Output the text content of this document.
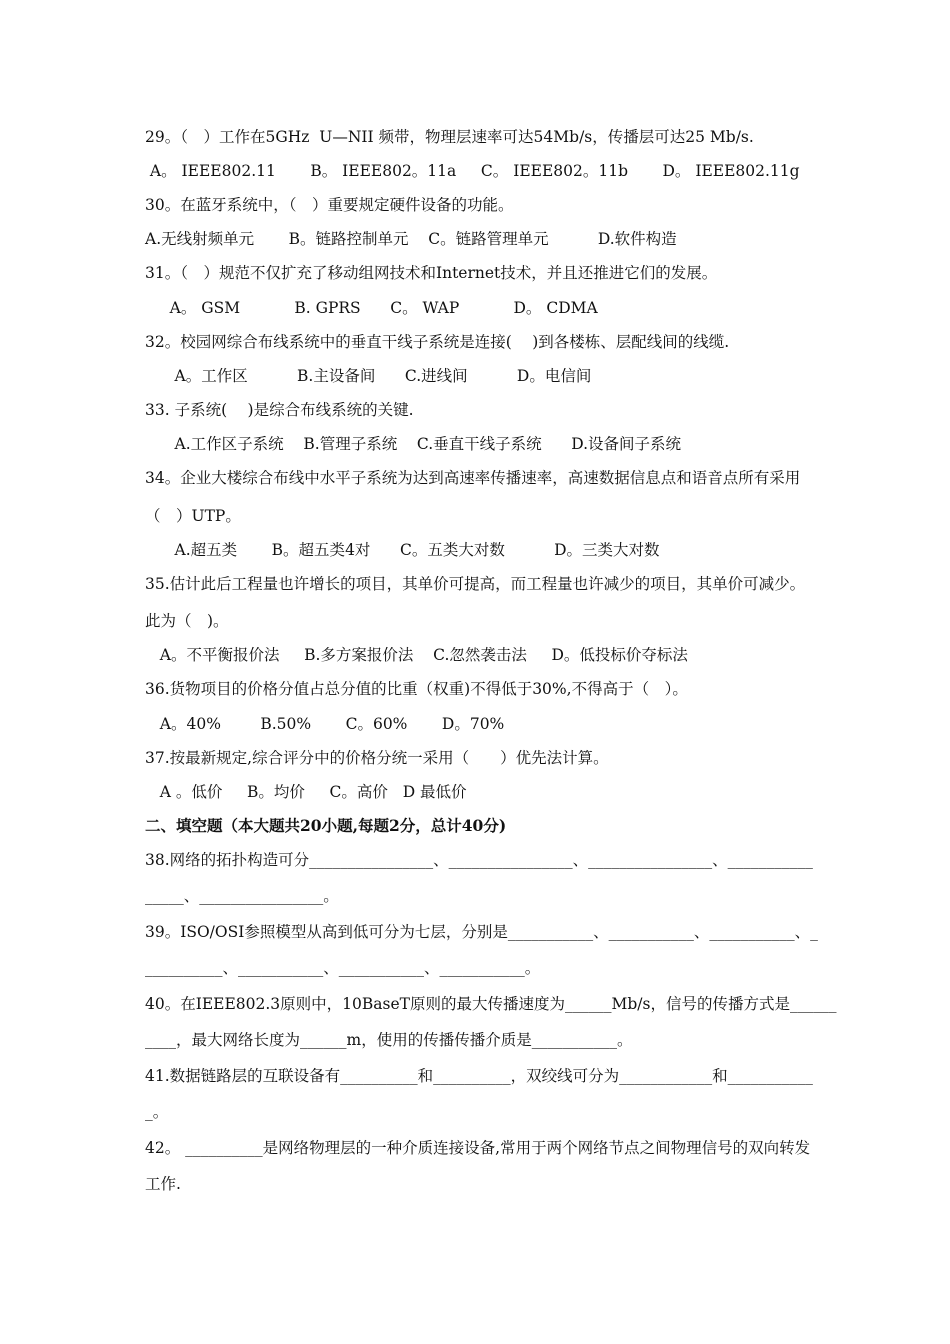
29。（　）工作在5GHz  U—NII 频带，物理层速率可达54Mb/s，传播层可达25 Mb/s.
A。 IEEE802.11       B。 IEEE802。11a     C。 IEEE802。11b       D。 IEEE802.11g
30。在蓝牙系统中，（　）重要规定硬件设备的功能。
A.无线射频单元       B。链路控制单元    C。链路管理单元          D.软件构造
31。（　）规范不仅扩充了移动组网技术和Internet技术，并且还推进它们的发展。
A。 GSM           B. GPRS      C。 WAP           D。 CDMA
32。校园网综合布线系统中的垂直干线子系统是连接(　 )到各楼栋、层配线间的线缆.
A。工作区          B.主设备间      C.进线间          D。电信间
33. 子系统(　 )是综合布线系统的关键.
A.工作区子系统    B.管理子系统    C.垂直干线子系统      D.设备间子系统
34。企业大楼综合布线中水平子系统为达到高速率传播速率，高速数据信息点和语音点所有采用
（　）UTP。
A.超五类       B。超五类4对      C。五类大对数          D。三类大对数
35.估计此后工程量也许增长的项目，其单价可提高，而工程量也许减少的项目，其单价可减少。
此为（　)。
A。不平衡报价法     B.多方案报价法    C.忽然袭击法     D。低投标价夺标法
36.货物项目的价格分值占总分值的比重（权重)不得低于30%,不得高于（　）。
A。40%        B.50%       C。60%       D。70%
37.按最新规定,综合评分中的价格分统一采用（　　）优先法计算。
A 。低价     B。均价     C。高价   D 最低价
二、填空题（本大题共20小题,每题2分，总计40分)
38.网络的拓扑构造可分________________、________________、________________、___________
_____、________________。
39。ISO/OSI参照模型从高到低可分为七层，分别是___________、___________、___________、_
__________、___________、___________、___________。
40。在IEEE802.3原则中，10BaseT原则的最大传播速度为______Mb/s，信号的传播方式是______
____，最大网络长度为______m，使用的传播传播介质是___________。
41.数据链路层的互联设备有__________和__________，双绞线可分为____________和___________
_。
42。 __________是网络物理层的一种介质连接设备,常用于两个网络节点之间物理信号的双向转发
工作.
